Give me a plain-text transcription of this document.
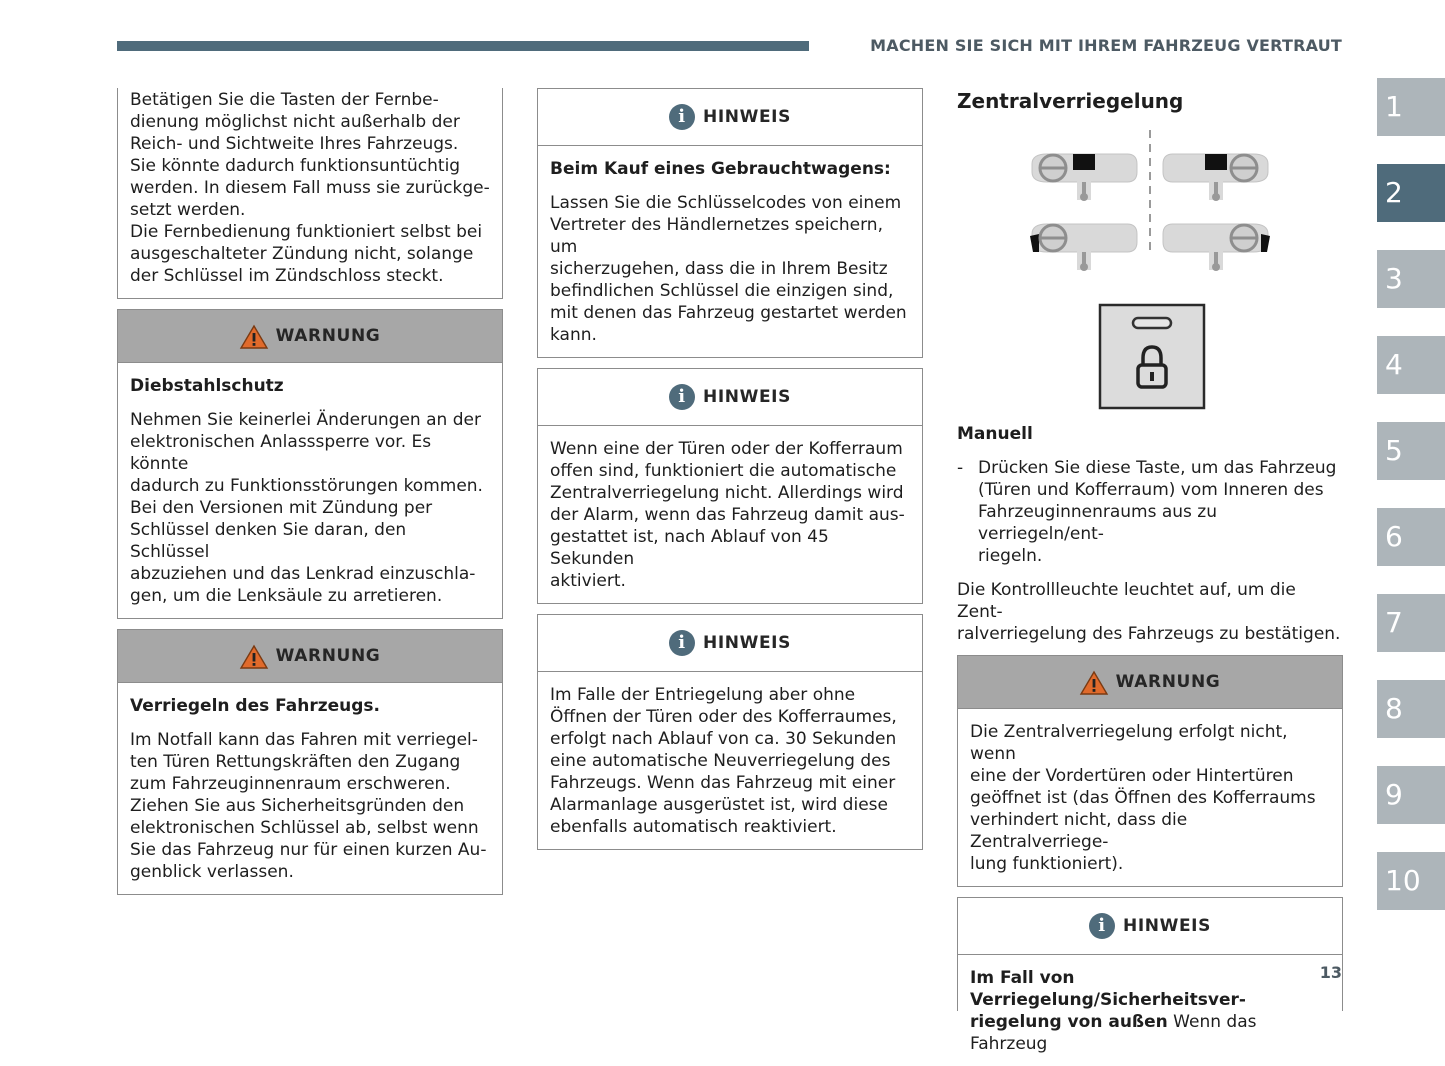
MACHEN SIE SICH MIT IHREM FAHRZEUG VERTRAUT
Betätigen Sie die Tasten der Fernbe-
dienung möglichst nicht außerhalb der
Reich- und Sichtweite Ihres Fahrzeugs.
Sie könnte dadurch funktionsuntüchtig
werden. In diesem Fall muss sie zurückge-
setzt werden.
Die Fernbedienung funktioniert selbst bei
ausgeschalteter Zündung nicht, solange
der Schlüssel im Zündschloss steckt.
WARNUNG
Diebstahlschutz
Nehmen Sie keinerlei Änderungen an der
elektronischen Anlasssperre vor. Es könnte
dadurch zu Funktionsstörungen kommen.
Bei den Versionen mit Zündung per
Schlüssel denken Sie daran, den Schlüssel
abzuziehen und das Lenkrad einzuschla-
gen, um die Lenksäule zu arretieren.
WARNUNG
Verriegeln des Fahrzeugs.
Im Notfall kann das Fahren mit verriegel-
ten Türen Rettungskräften den Zugang
zum Fahrzeuginnenraum erschweren.
Ziehen Sie aus Sicherheitsgründen den
elektronischen Schlüssel ab, selbst wenn
Sie das Fahrzeug nur für einen kurzen Au-
genblick verlassen.
i	HINWEIS
Beim Kauf eines Gebrauchtwagens:
Lassen Sie die Schlüsselcodes von einem
Vertreter des Händlernetzes speichern, um
sicherzugehen, dass die in Ihrem Besitz
befindlichen Schlüssel die einzigen sind,
mit denen das Fahrzeug gestartet werden
kann.
i	HINWEIS
Wenn eine der Türen oder der Kofferraum
offen sind, funktioniert die automatische
Zentralverriegelung nicht. Allerdings wird
der Alarm, wenn das Fahrzeug damit aus-
gestattet ist, nach Ablauf von 45 Sekunden
aktiviert.
i	HINWEIS
Im Falle der Entriegelung aber ohne
Öffnen der Türen oder des Kofferraumes,
erfolgt nach Ablauf von ca. 30 Sekunden
eine automatische Neuverriegelung des
Fahrzeugs. Wenn das Fahrzeug mit einer
Alarmanlage ausgerüstet ist, wird diese
ebenfalls automatisch reaktiviert.
Zentralverriegelung
Manuell
- Drücken Sie diese Taste, um das Fahrzeug
(Türen und Kofferraum) vom Inneren des
Fahrzeuginnenraums aus zu verriegeln/ent-
riegeln.
Die Kontrollleuchte leuchtet auf, um die Zent-
ralverriegelung des Fahrzeugs zu bestätigen.
WARNUNG
Die Zentralverriegelung erfolgt nicht, wenn
eine der Vordertüren oder Hintertüren
geöffnet ist (das Öffnen des Kofferraums
verhindert nicht, dass die Zentralverriege-
lung funktioniert).
i	HINWEIS
Im Fall von Verriegelung/Sicherheitsver-
riegelung von außen Wenn das Fahrzeug
1
2
3
4
5
6
7
8
9
10
13
